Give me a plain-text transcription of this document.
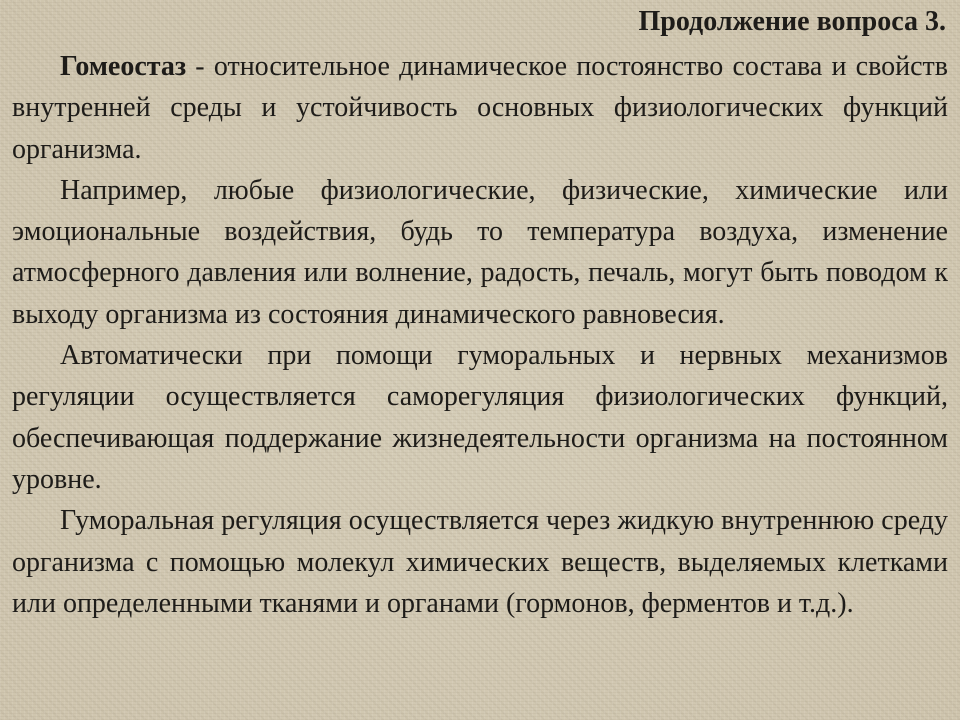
Продолжение вопроса 3.

Гомеостаз - относительное динамическое постоянство состава и свойств внутренней среды и устойчивость основных физиологических функций организма.

Например, любые физиологические, физические, химические или эмоциональные воздействия, будь то температура воздуха, изменение атмосферного давления или волнение, радость, печаль, могут быть поводом к выходу организма из состояния динамического равновесия.

Автоматически при помощи гуморальных и нервных механизмов регуляции осуществляется саморегуляция физиологических функций, обеспечивающая поддержание жизнедеятельности организма на постоянном уровне.

Гуморальная регуляция осуществляется через жидкую внутреннюю среду организма с помощью молекул химических веществ, выделяемых клетками или определенными тканями и органами (гормонов, ферментов и т.д.).
